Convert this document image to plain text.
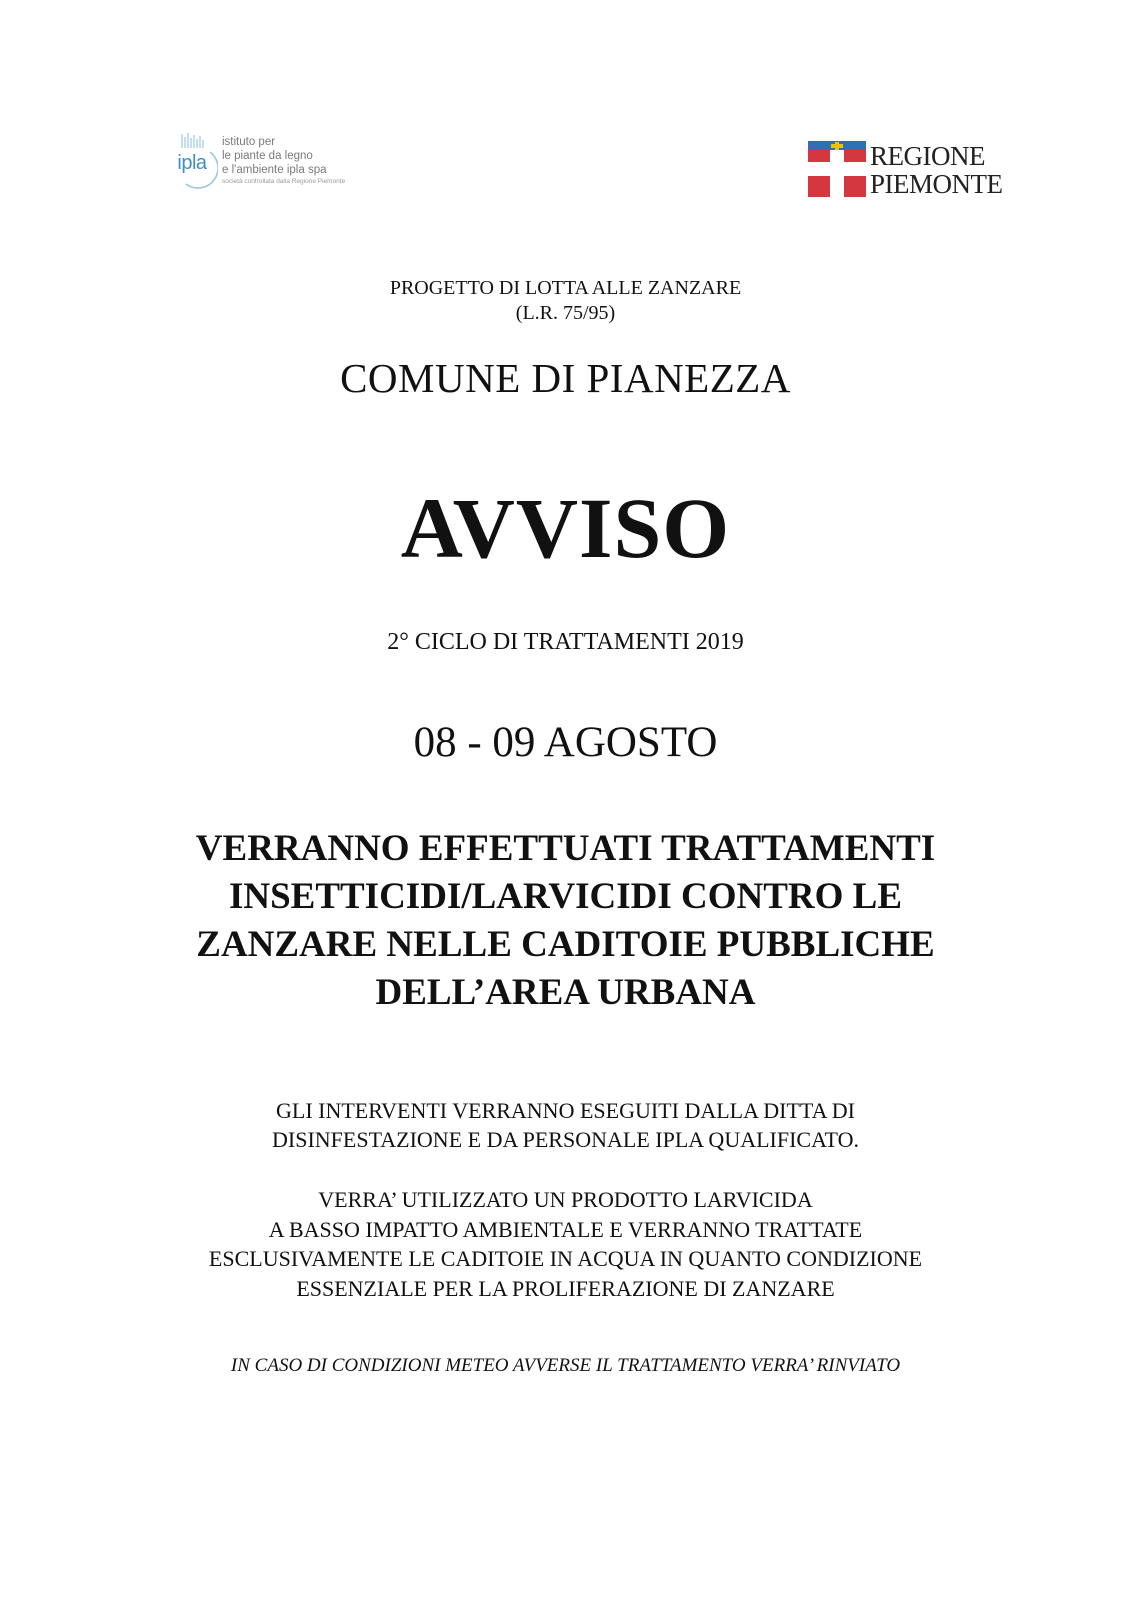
ipla
istituto per
le piante da legno
e l'ambiente ipla spa
società controllata dalla Regione Piemonte
REGIONE
PIEMONTE
PROGETTO DI LOTTA ALLE ZANZARE
(L.R. 75/95)
COMUNE DI PIANEZZA
AVVISO
2° CICLO DI TRATTAMENTI 2019
08 - 09 AGOSTO
VERRANNO EFFETTUATI TRATTAMENTI
INSETTICIDI/LARVICIDI CONTRO LE
ZANZARE NELLE CADITOIE PUBBLICHE
DELL’AREA URBANA
GLI INTERVENTI VERRANNO ESEGUITI DALLA DITTA DI
DISINFESTAZIONE E DA PERSONALE IPLA QUALIFICATO.
VERRA’ UTILIZZATO UN PRODOTTO LARVICIDA
A BASSO IMPATTO AMBIENTALE E VERRANNO TRATTATE
ESCLUSIVAMENTE LE CADITOIE IN ACQUA IN QUANTO CONDIZIONE
ESSENZIALE PER LA PROLIFERAZIONE DI ZANZARE
IN CASO DI CONDIZIONI METEO AVVERSE IL TRATTAMENTO VERRA’ RINVIATO
